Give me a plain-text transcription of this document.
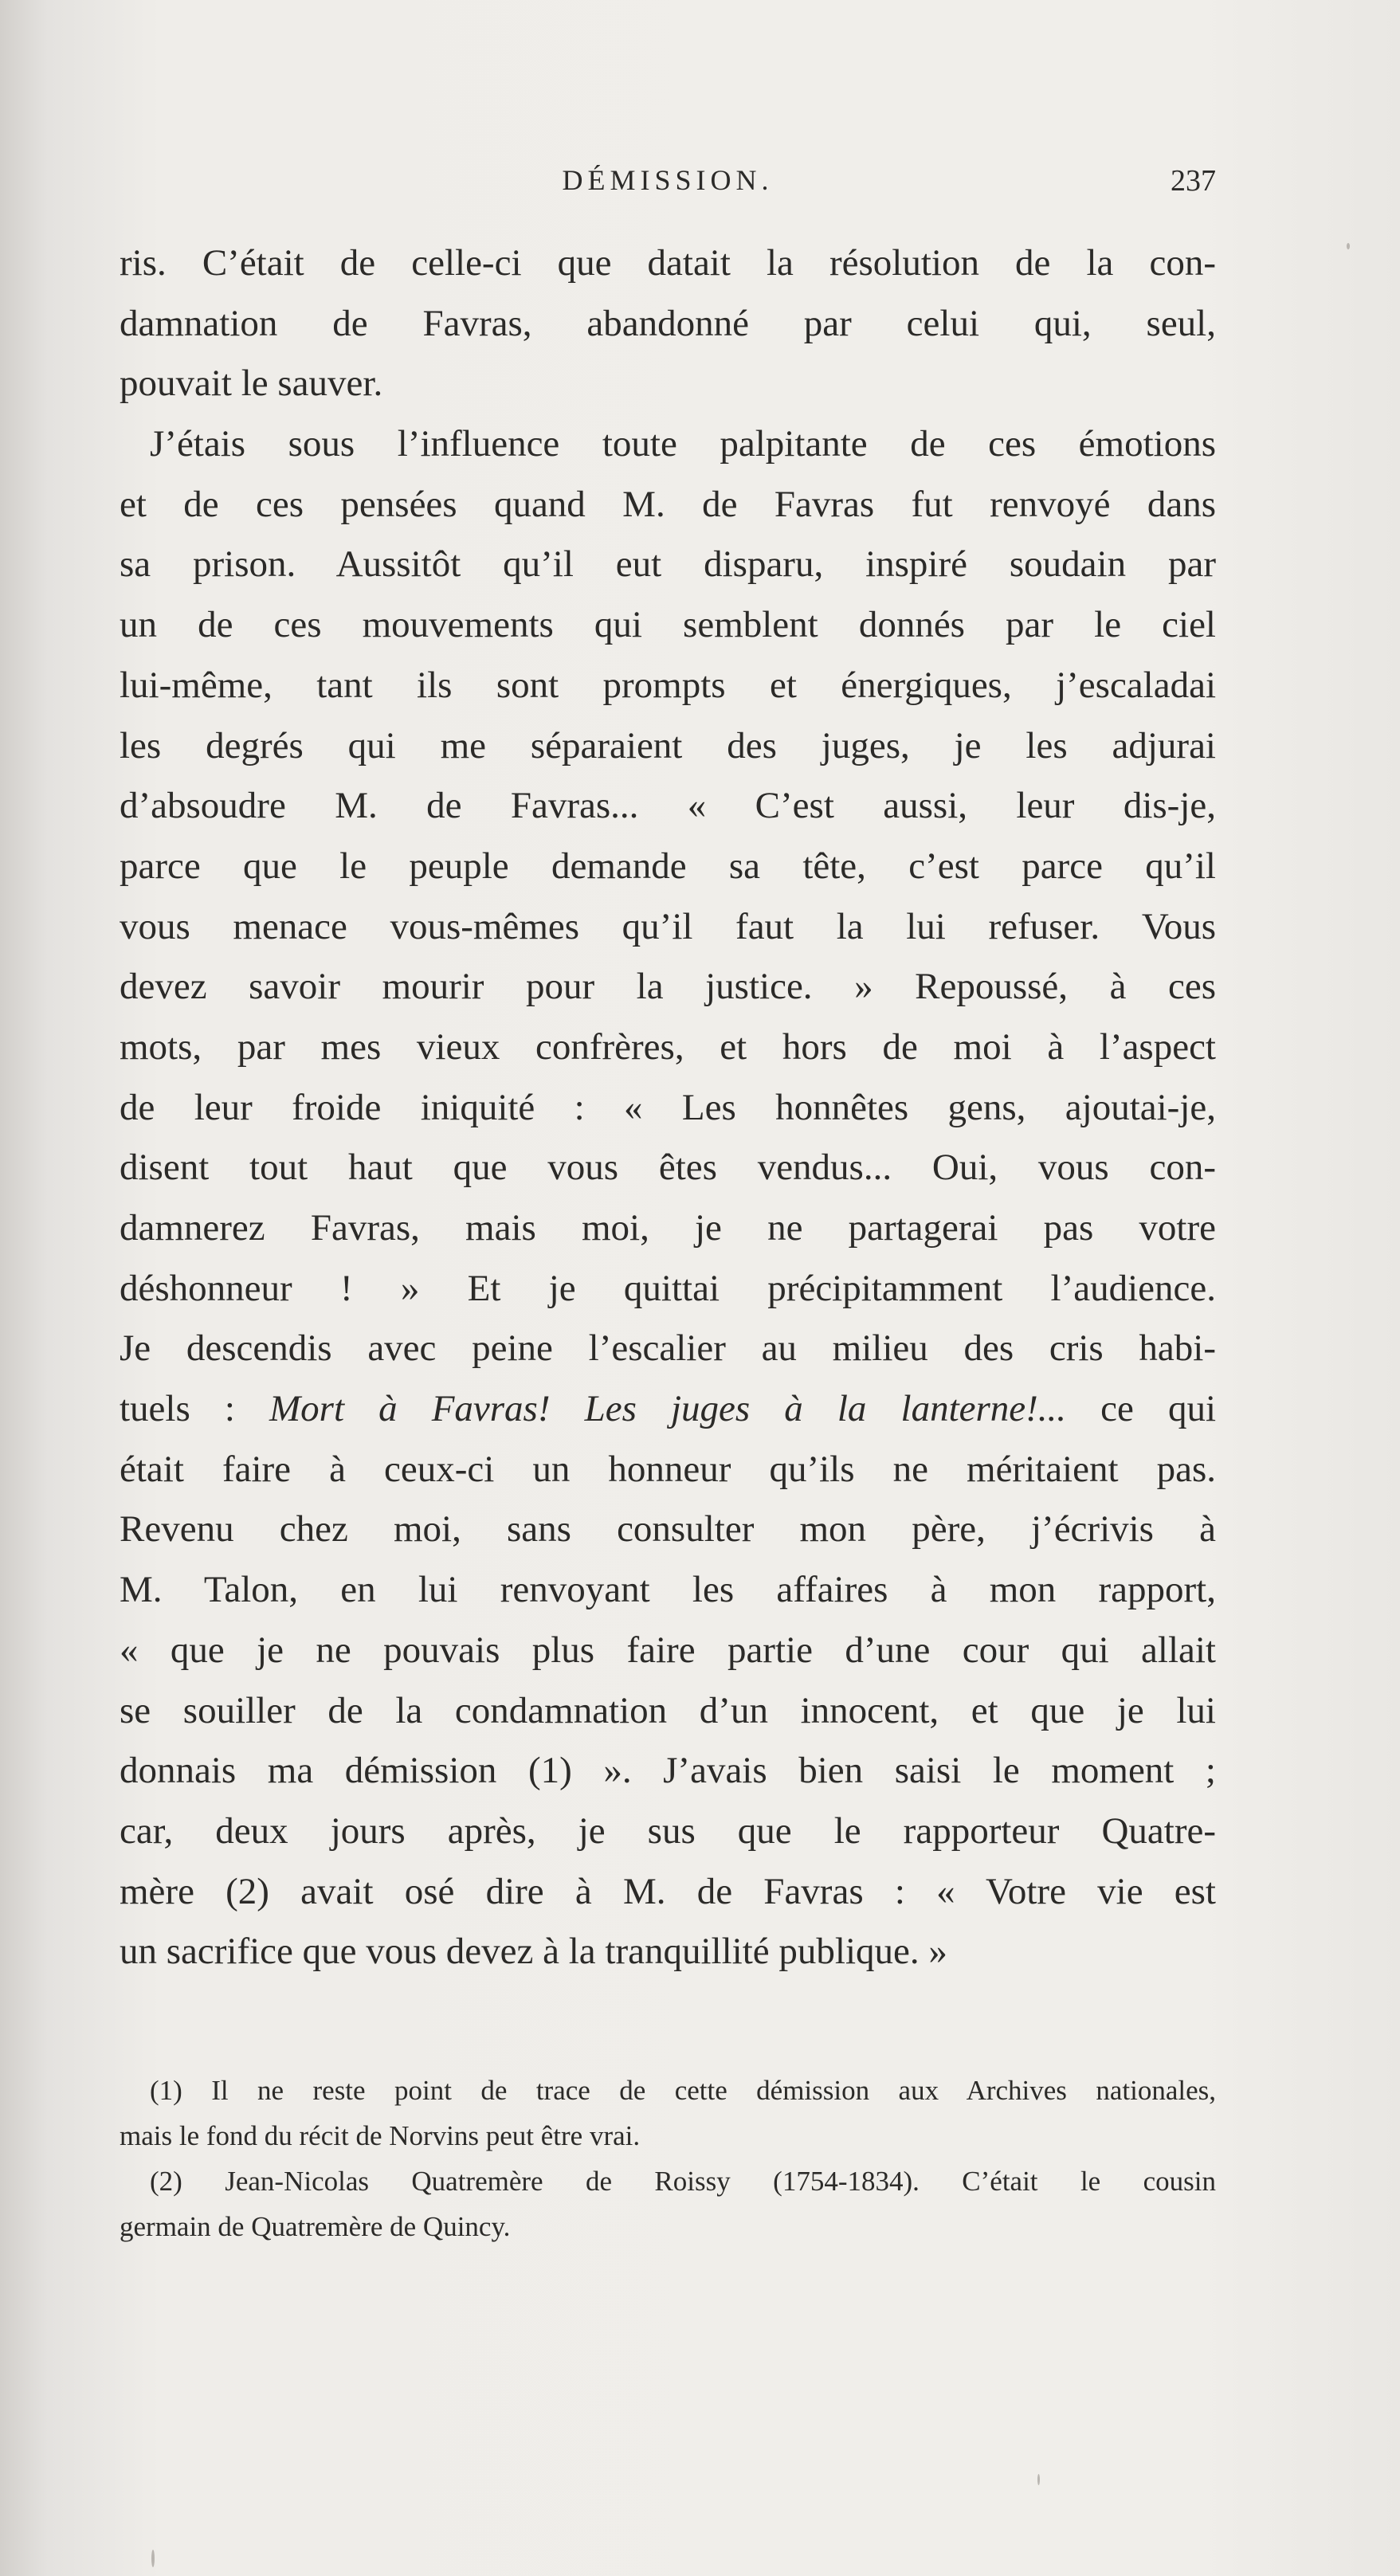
DÉMISSION.	237
ris. C’était de celle-ci que datait la résolution de la con-
damnation de Favras, abandonné par celui qui, seul,
pouvait le sauver.
J’étais sous l’influence toute palpitante de ces émotions
et de ces pensées quand M. de Favras fut renvoyé dans
sa prison. Aussitôt qu’il eut disparu, inspiré soudain par
un de ces mouvements qui semblent donnés par le ciel
lui-même, tant ils sont prompts et énergiques, j’escaladai
les degrés qui me séparaient des juges, je les adjurai
d’absoudre M. de Favras... « C’est aussi, leur dis-je,
parce que le peuple demande sa tête, c’est parce qu’il
vous menace vous-mêmes qu’il faut la lui refuser. Vous
devez savoir mourir pour la justice. » Repoussé, à ces
mots, par mes vieux confrères, et hors de moi à l’aspect
de leur froide iniquité : « Les honnêtes gens, ajoutai-je,
disent tout haut que vous êtes vendus... Oui, vous con-
damnerez Favras, mais moi, je ne partagerai pas votre
déshonneur ! » Et je quittai précipitamment l’audience.
Je descendis avec peine l’escalier au milieu des cris habi-
tuels : Mort à Favras! Les juges à la lanterne!... ce qui
était faire à ceux-ci un honneur qu’ils ne méritaient pas.
Revenu chez moi, sans consulter mon père, j’écrivis à
M. Talon, en lui renvoyant les affaires à mon rapport,
« que je ne pouvais plus faire partie d’une cour qui allait
se souiller de la condamnation d’un innocent, et que je lui
donnais ma démission (1) ». J’avais bien saisi le moment ;
car, deux jours après, je sus que le rapporteur Quatre-
mère (2) avait osé dire à M. de Favras : « Votre vie est
un sacrifice que vous devez à la tranquillité publique. »
(1) Il ne reste point de trace de cette démission aux Archives nationales,
mais le fond du récit de Norvins peut être vrai.
(2) Jean-Nicolas Quatremère de Roissy (1754-1834). C’était le cousin
germain de Quatremère de Quincy.
